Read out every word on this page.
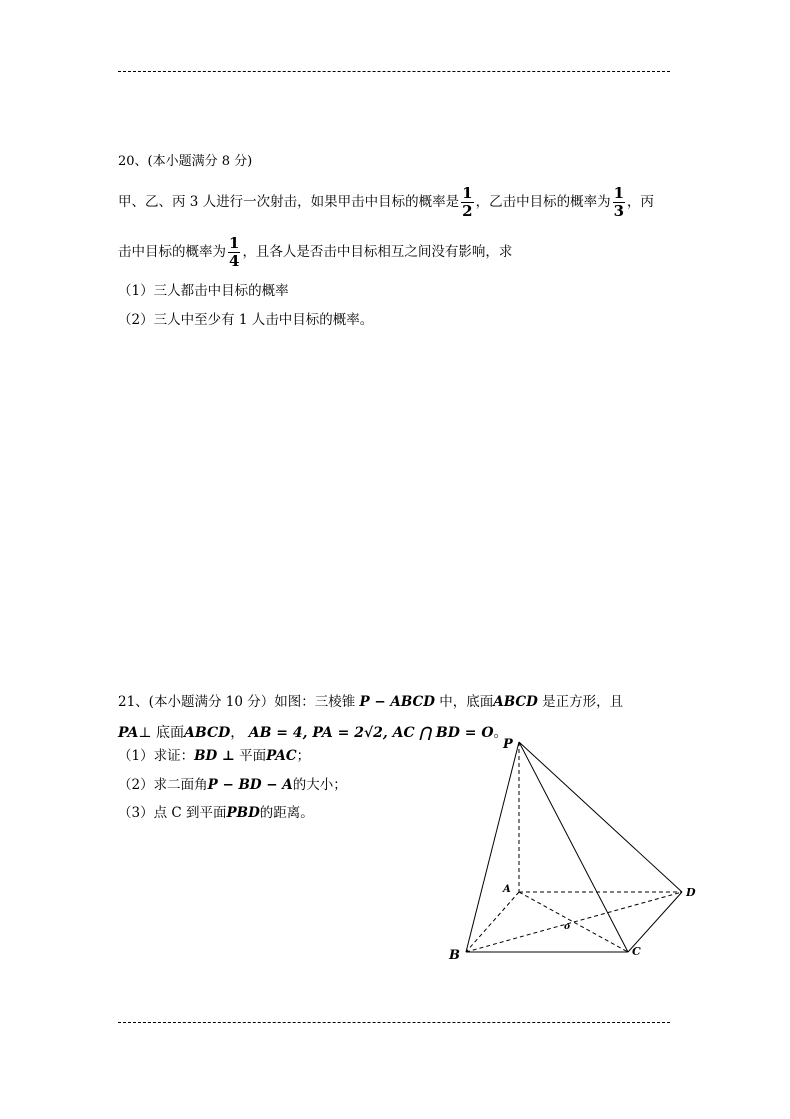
20、(本小题满分 8 分)
甲、乙、丙 3 人进行一次射击，如果甲击中目标的概率是 $\frac{1}{2}$ ，乙击中目标的概率为 $\frac{1}{3}$ ，丙
击中目标的概率为 $\frac{1}{4}$ ，且各人是否击中目标相互之间没有影响，求
（1）三人都击中目标的概率
（2）三人中至少有 1 人击中目标的概率。
21、(本小题满分 10 分）如图：三棱锥 P − ABCD 中，底面ABCD 是正方形，且
PA⊥ 底面ABCD， AB = 4, PA = 2√2, AC ⋂ BD = O。
（1）求证：BD ⊥ 平面PAC；
（2）求二面角P − BD − A的大小；
（3）点 C 到平面PBD的距离。
P
A
B	C
D
o
